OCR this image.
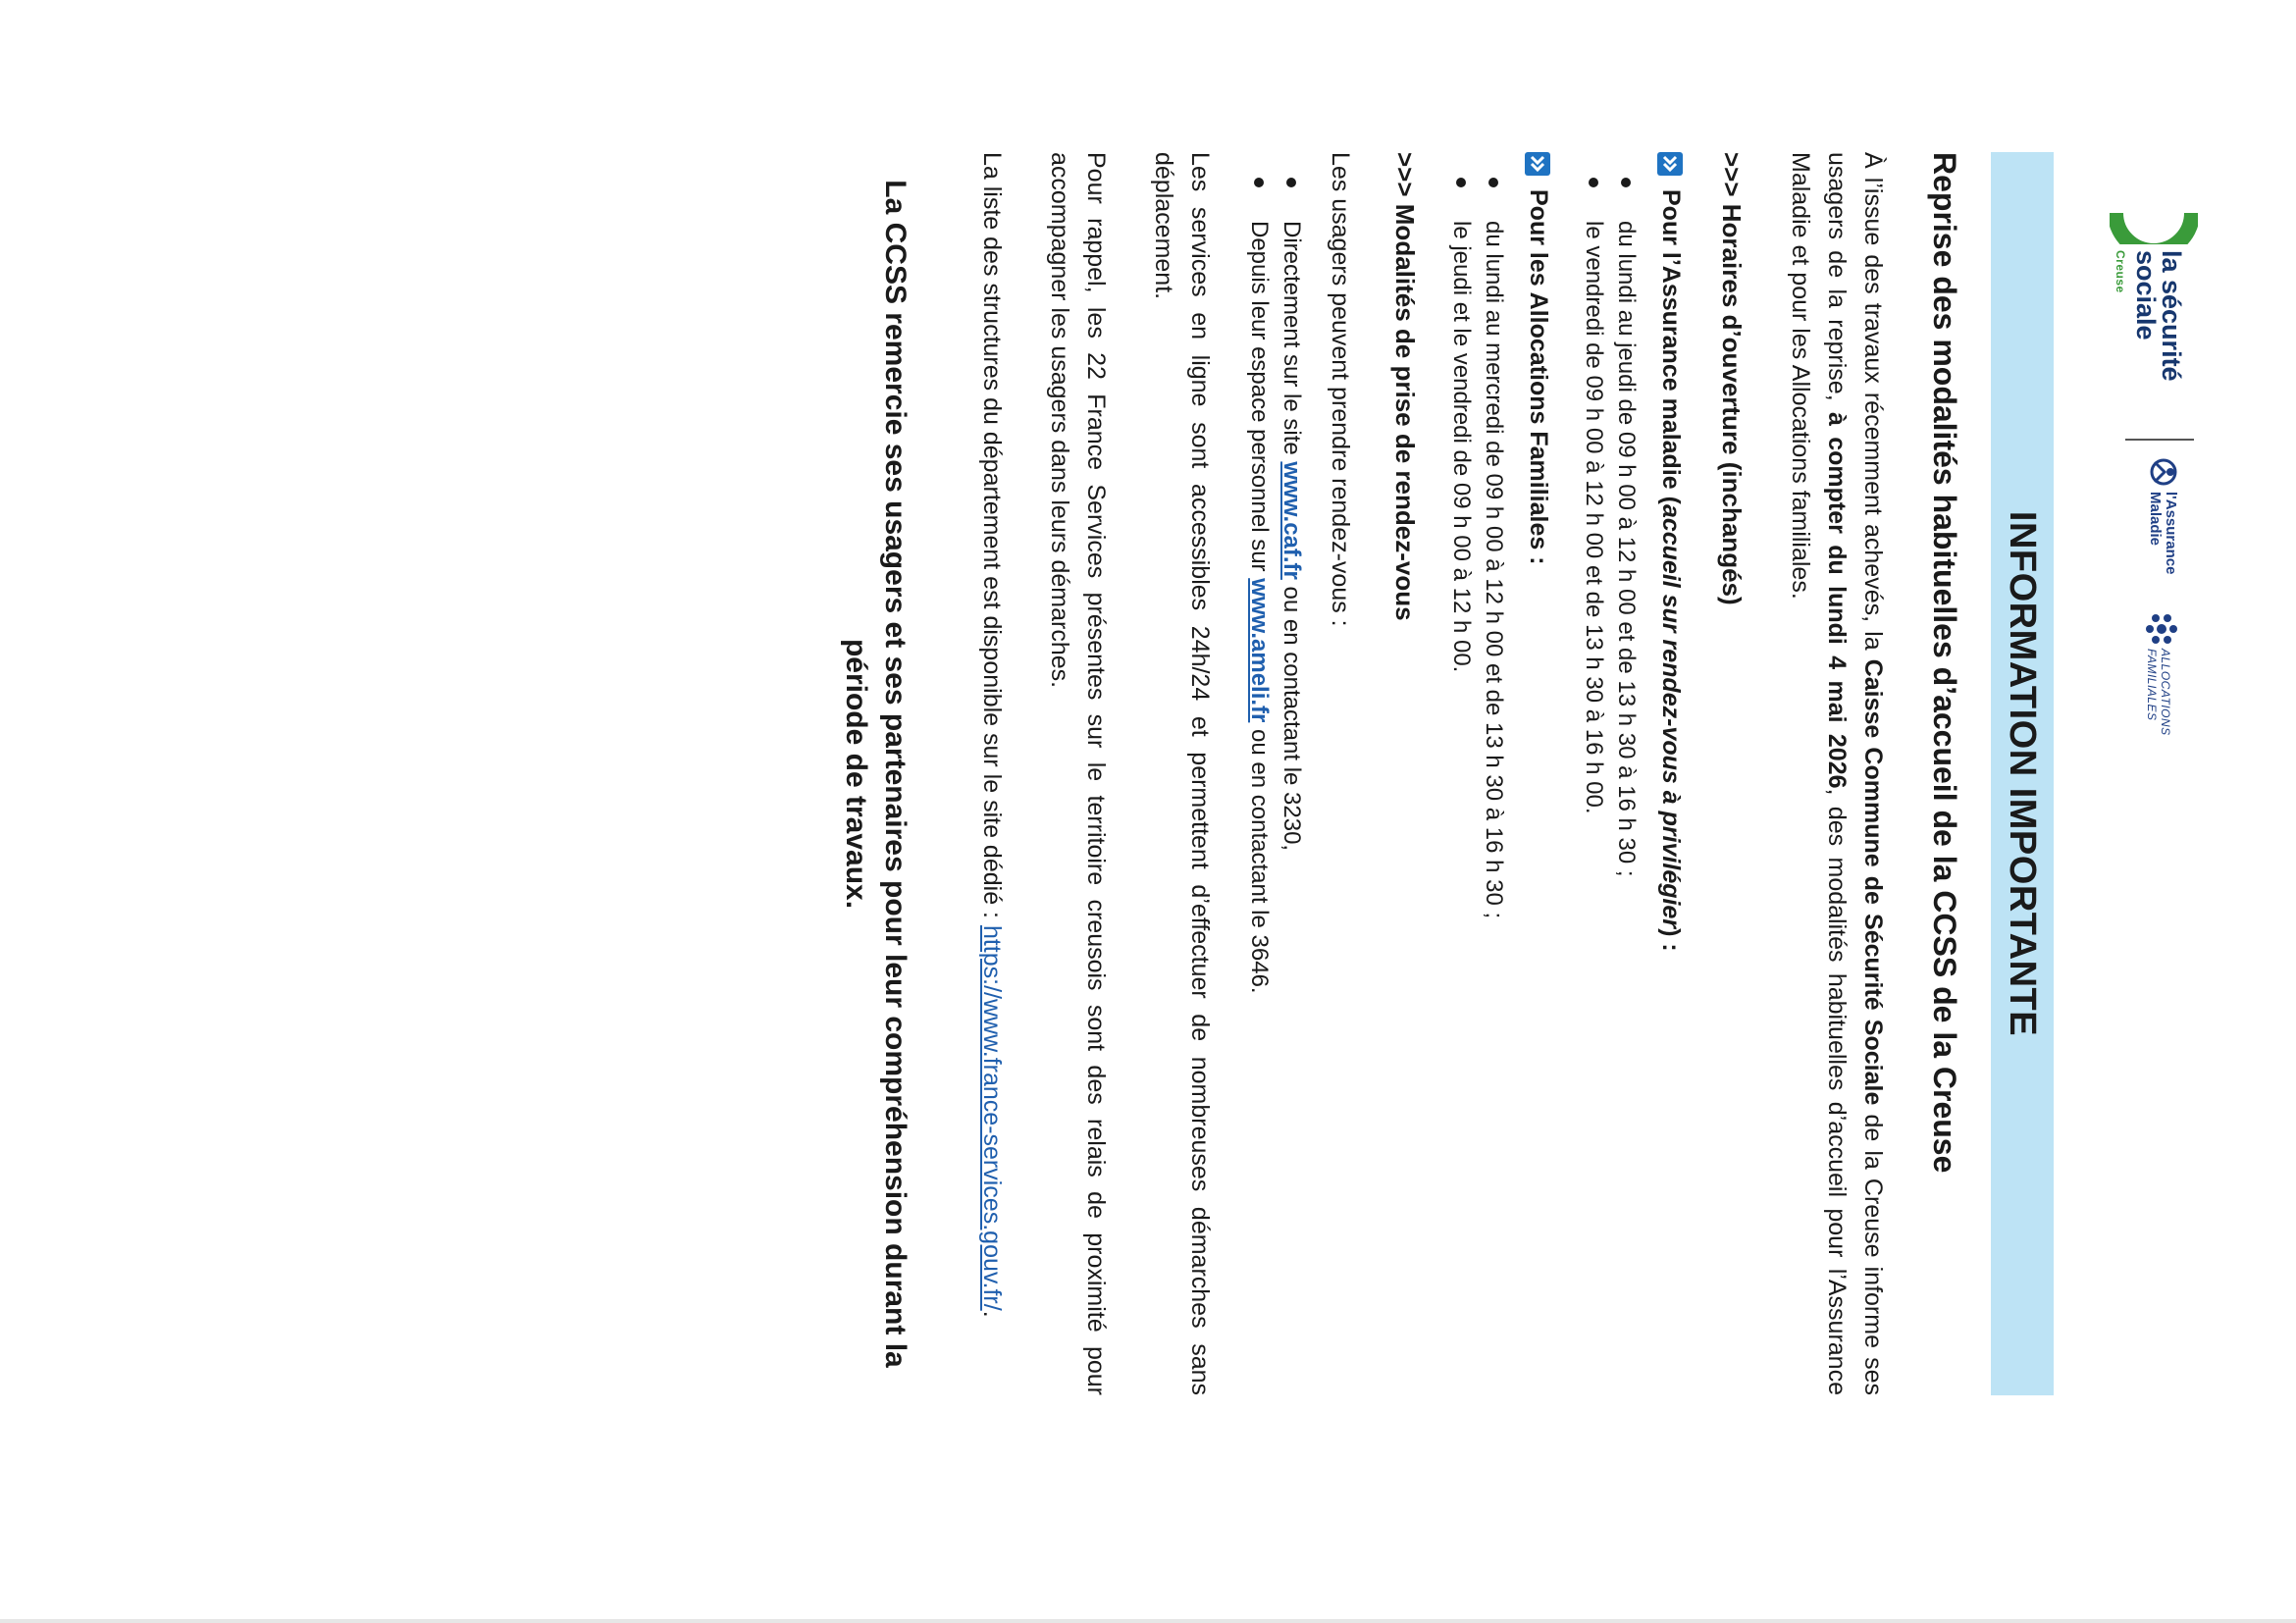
la sécurité
sociale
Creuse
l'Assurance
Maladie
ALLOCATIONS
FAMILIALES
INFORMATION IMPORTANTE
Reprise des modalités habituelles d’accueil de la CCSS de la Creuse

À l’issue des travaux récemment achevés, la Caisse Commune de Sécurité Sociale de la Creuse informe ses usagers de la reprise, à compter du lundi 4 mai 2026, des modalités habituelles d’accueil pour l’Assurance Maladie et pour les Allocations familiales.

>>> Horaires d’ouverture (inchangés)
Pour l’Assurance maladie (accueil sur rendez-vous à privilégier) :
du lundi au jeudi de 09 h 00 à 12 h 00 et de 13 h 30 à 16 h 30 ;
le vendredi de 09 h 00 à 12 h 00 et de 13 h 30 à 16 h 00.
Pour les Allocations Familiales :
du lundi au mercredi de 09 h 00 à 12 h 00 et de 13 h 30 à 16 h 30 ;
le jeudi et le vendredi de 09 h 00 à 12 h 00.
>>> Modalités de prise de rendez-vous

Les usagers peuvent prendre rendez-vous :

Directement sur le site www.caf.fr ou en contactant le 3230,
Depuis leur espace personnel sur www.ameli.fr ou en contactant le 3646.

Les services en ligne sont accessibles 24h/24 et permettent d’effectuer de nombreuses démarches sans déplacement.

Pour rappel, les 22 France Services présentes sur le territoire creusois sont des relais de proximité pour accompagner les usagers dans leurs démarches.

La liste des structures du département est disponible sur le site dédié : https://www.france-services.gouv.fr/.

La CCSS remercie ses usagers et ses partenaires pour leur compréhension durant la période de travaux.
